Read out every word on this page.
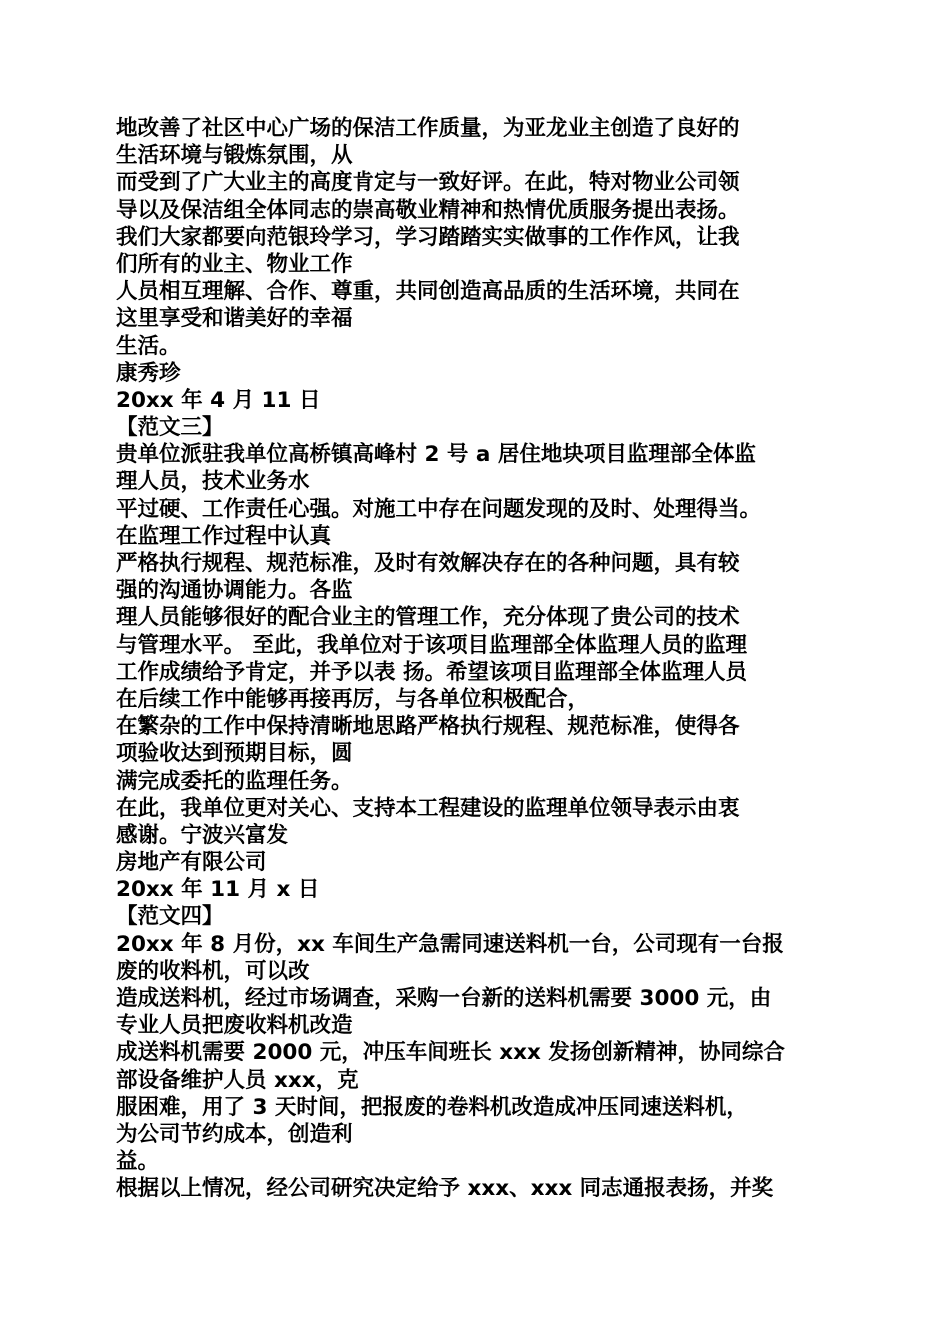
地改善了社区中心广场的保洁工作质量，为亚龙业主创造了良好的
生活环境与锻炼氛围，从
而受到了广大业主的高度肯定与一致好评。在此，特对物业公司领
导以及保洁组全体同志的崇高敬业精神和热情优质服务提出表扬。
我们大家都要向范银玲学习，学习踏踏实实做事的工作作风，让我
们所有的业主、物业工作
人员相互理解、合作、尊重，共同创造高品质的生活环境，共同在
这里享受和谐美好的幸福
生活。
康秀珍
20xx 年 4 月 11 日
【范文三】
贵单位派驻我单位高桥镇高峰村 2 号 a 居住地块项目监理部全体监
理人员，技术业务水
平过硬、工作责任心强。对施工中存在问题发现的及时、处理得当。
在监理工作过程中认真
严格执行规程、规范标准，及时有效解决存在的各种问题，具有较
强的沟通协调能力。各监
理人员能够很好的配合业主的管理工作，充分体现了贵公司的技术
与管理水平。 至此，我单位对于该项目监理部全体监理人员的监理
工作成绩给予肯定，并予以表 扬。希望该项目监理部全体监理人员
在后续工作中能够再接再厉，与各单位积极配合，
在繁杂的工作中保持清晰地思路严格执行规程、规范标准，使得各
项验收达到预期目标，圆
满完成委托的监理任务。
在此，我单位更对关心、支持本工程建设的监理单位领导表示由衷
感谢。宁波兴富发
房地产有限公司
20xx 年 11 月 x 日
【范文四】
20xx 年 8 月份，xx 车间生产急需同速送料机一台，公司现有一台报
废的收料机，可以改
造成送料机，经过市场调查，采购一台新的送料机需要 3000 元，由
专业人员把废收料机改造
成送料机需要 2000 元，冲压车间班长 xxx 发扬创新精神，协同综合
部设备维护人员 xxx，克
服困难，用了 3 天时间，把报废的卷料机改造成冲压同速送料机，
为公司节约成本，创造利
益。
根据以上情况，经公司研究决定给予 xxx、xxx 同志通报表扬，并奖
